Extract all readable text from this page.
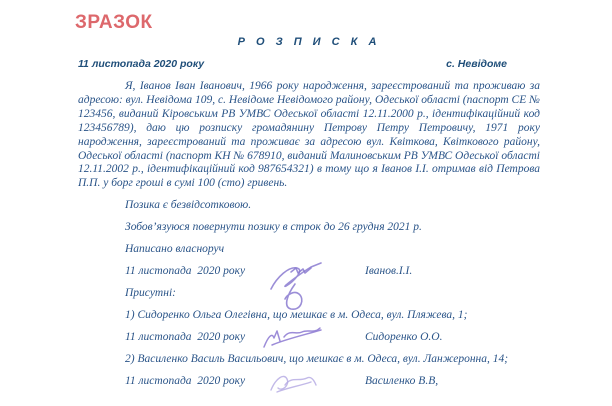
ЗРАЗОК
Р О З П И С К А
11 листопада 2020 року	с. Невідоме

Я, Іванов Іван Іванович, 1966 року народження, зареєстрований та проживаю за адресою: вул. Невідома 109, с. Невідоме Невідомого району, Одеської області (паспорт СЕ № 123456, виданий Кіровським РВ УМВС Одеської області 12.11.2000 р., ідентифікаційний код 123456789), даю цю розписку громадянину Петрову Петру Петровичу, 1971 року народження, зареєстрований та проживає за адресою вул. Квіткова, Квіткового району, Одеської області (паспорт КН № 678910, виданий Малиновським РВ УМВС Одеської області 12.11.2002 р., ідентифікаційний код 987654321) в тому що я Іванов І.І. отримав від Петрова П.П. у борг гроші в сумі 100 (сто) гривень.

Позика є безвідсотковою.

Зобов’язуюся повернути позику в строк до 26 грудня 2021 р.

Написано власноруч

11 листопада  2020 року	Іванов.І.І.

Присутні:

1) Сидоренко Ольга Олегівна, що мешкає в м. Одеса, вул. Пляжева, 1;

11 листопада  2020 року	Сидоренко О.О.

2) Василенко Василь Васильович, що мешкає в м. Одеса, вул. Ланжеронна, 14;

11 листопада  2020 року	Василенко В.В,
